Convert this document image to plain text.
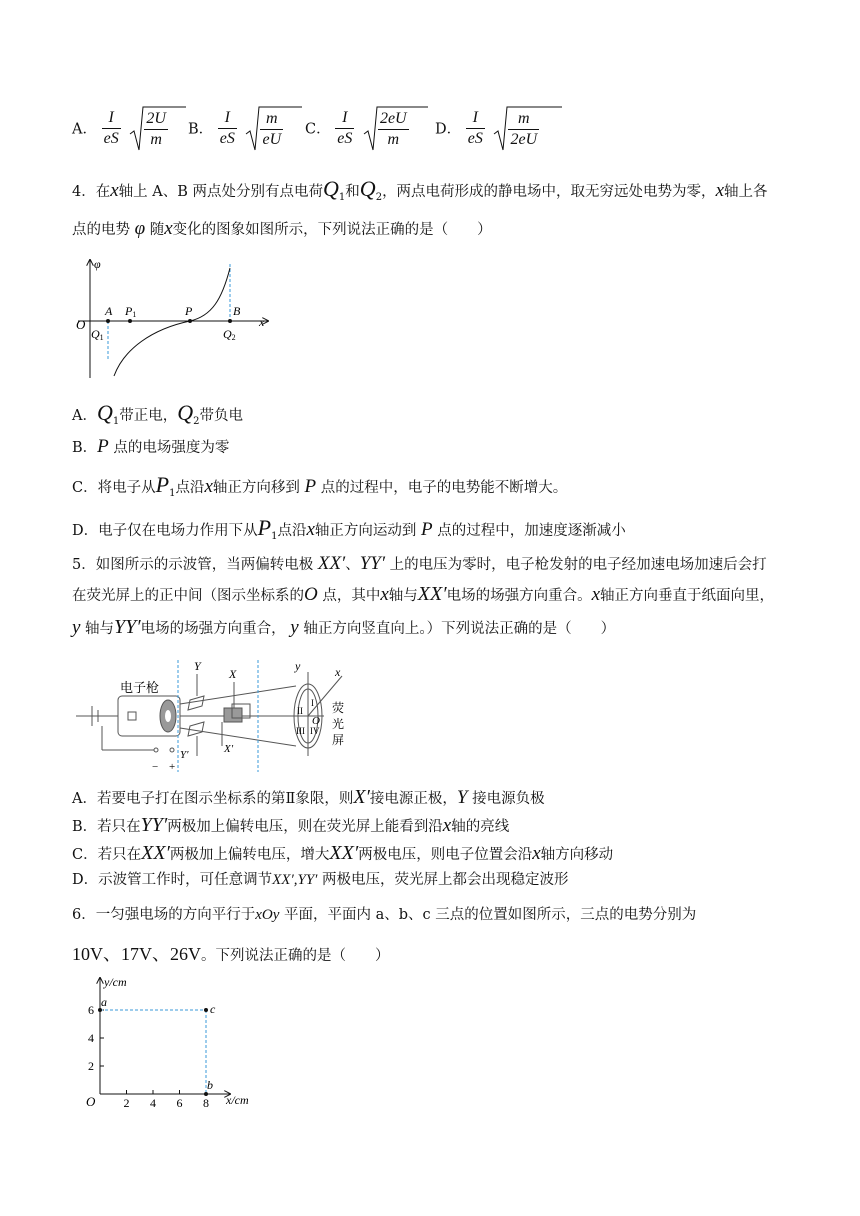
A． $\frac{I}{eS}$
$\frac{2U}{m}$ B． $\frac{I}{eS}$
$\frac{m}{eU}$ C． $\frac{I}{eS}$
$\frac{2eU}{m}$ D． $\frac{I}{eS}$
$\frac{m}{2eU}$
4．在x轴上 A、B 两点处分别有点电荷$Q_1$和$Q_2$，两点电荷形成的静电场中，取无穷远处电势为零，x轴上各
点的电势 φ 随x变化的图象如图所示，下列说法正确的是（　　）
φ
x
O
A P1	P	B
Q1	Q2
A．$Q_1$带正电，$Q_2$带负电
B．P 点的电场强度为零
C．将电子从$P_1$点沿x轴正方向移到 P 点的过程中，电子的电势能不断增大。
D．电子仅在电场力作用下从$P_1$点沿x轴正方向运动到 P 点的过程中，加速度逐渐减小
5．如图所示的示波管，当两偏转电极 XX′、YY′ 上的电压为零时，电子枪发射的电子经加速电场加速后会打
在荧光屏上的正中间（图示坐标系的O 点，其中x轴与XX′电场的场强方向重合。x轴正方向垂直于纸面向里，
y 轴与YY′电场的场强方向重合， y 轴正方向竖直向上。）下列说法正确的是（　　）
电子枪
− +
Y
Y′
X
X′
y	x
O
I
II
III IV
荧
光
屏
A．若要电子打在图示坐标系的第Ⅱ象限，则X′接电源正极，Y 接电源负极
B．若只在YY′两极加上偏转电压，则在荧光屏上能看到沿x轴的亮线
C．若只在XX′两极加上偏转电压，增大XX′两极电压，则电子位置会沿x轴方向移动
D．示波管工作时，可任意调节XX′,YY′ 两极电压，荧光屏上都会出现稳定波形
6．一匀强电场的方向平行于xOy 平面，平面内 a、b、c 三点的位置如图所示，三点的电势分别为
10V、17V、26V。下列说法正确的是（　　）
y/cm
x/cm
O
2
4
6
2 4 6 8
a	c
b
